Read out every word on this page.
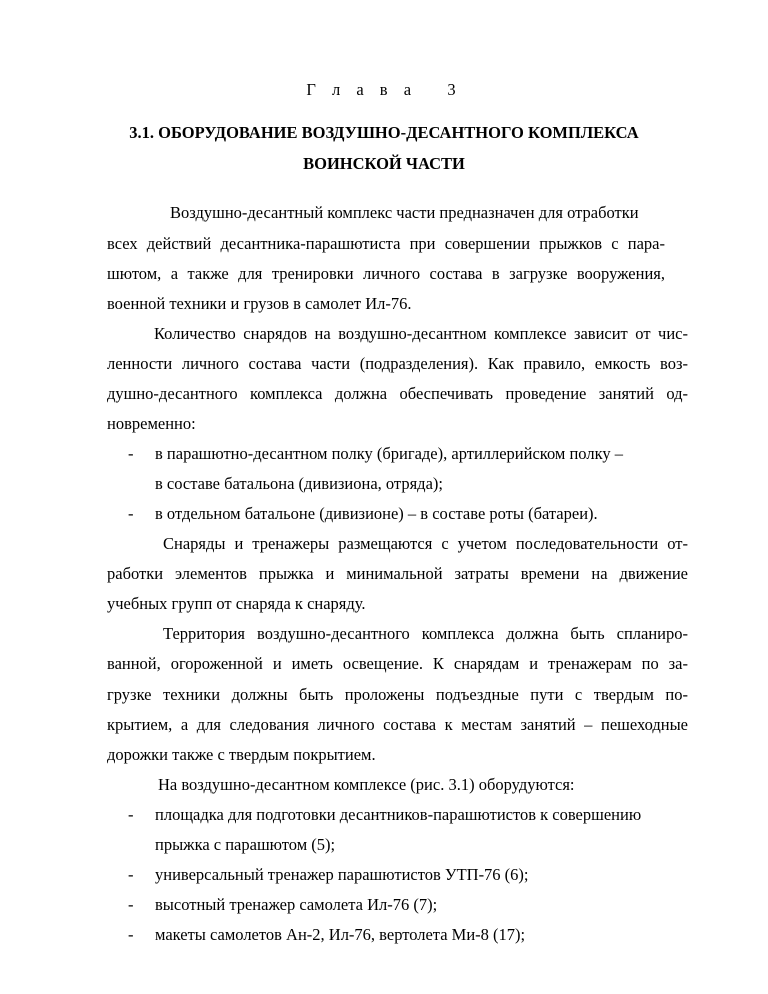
Г л а в а   3
3.1. ОБОРУДОВАНИЕ ВОЗДУШНО-ДЕСАНТНОГО КОМПЛЕКСА
ВОИНСКОЙ ЧАСТИ
Воздушно-десантный комплекс части предназначен для отработки
всех действий десантника-парашютиста при совершении прыжков с пара-
шютом, а также для тренировки личного состава в загрузке вооружения,
военной техники и грузов в самолет Ил-76.
Количество снарядов на воздушно-десантном комплексе зависит от чис-
ленности личного состава части (подразделения). Как правило, емкость воз-
душно-десантного комплекса должна обеспечивать проведение занятий од-
новременно:
- в парашютно-десантном полку (бригаде), артиллерийском полку –
в составе батальона (дивизиона, отряда);
- в отдельном батальоне (дивизионе) – в составе роты (батареи).
Снаряды и тренажеры размещаются с учетом последовательности от-
работки элементов прыжка и минимальной затраты времени на движение
учебных групп от снаряда к снаряду.
Территория воздушно-десантного комплекса должна быть спланиро-
ванной, огороженной и иметь освещение. К снарядам и тренажерам по за-
грузке техники должны быть проложены подъездные пути с твердым по-
крытием, а для следования личного состава к местам занятий – пешеходные
дорожки также с твердым покрытием.
На воздушно-десантном комплексе (рис. 3.1) оборудуются:
- площадка для подготовки десантников-парашютистов к совершению
прыжка с парашютом (5);
- универсальный тренажер парашютистов УТП-76 (6);
- высотный тренажер самолета Ил-76 (7);
- макеты самолетов Ан-2, Ил-76, вертолета Ми-8 (17);
